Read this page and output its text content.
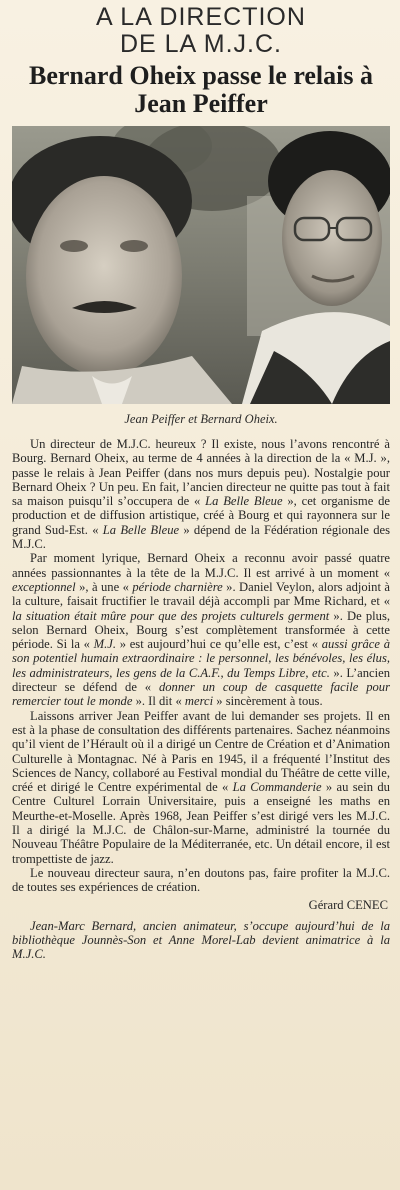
A LA DIRECTION

DE LA M.J.C.

Bernard Oheix passe le relais à Jean Peiffer

Jean Peiffer et Bernard Oheix.

Un directeur de M.J.C. heureux ? Il existe, nous l’avons rencontré à Bourg. Bernard Oheix, au terme de 4 années à la direction de la « M.J. », passe le relais à Jean Peiffer (dans nos murs depuis peu). Nostalgie pour Bernard Oheix ? Un peu. En fait, l’ancien directeur ne quitte pas tout à fait sa maison puisqu’il s’occupera de « La Belle Bleue », cet organisme de production et de diffusion artistique, créé à Bourg et qui rayonnera sur le grand Sud-Est. « La Belle Bleue » dépend de la Fédération régionale des M.J.C.

Par moment lyrique, Bernard Oheix a reconnu avoir passé quatre années passionnantes à la tête de la M.J.C. Il est arrivé à un moment « exceptionnel », à une « période charnière ». Daniel Veylon, alors adjoint à la culture, faisait fructifier le travail déjà accompli par Mme Richard, et « la situation était mûre pour que des projets culturels germent ». De plus, selon Bernard Oheix, Bourg s’est complètement transformée à cette période. Si la « M.J. » est aujourd’hui ce qu’elle est, c’est « aussi grâce à son potentiel humain extraordinaire : le personnel, les bénévoles, les élus, les administrateurs, les gens de la C.A.F., du Temps Libre, etc. ». L’ancien directeur se défend de « donner un coup de casquette facile pour remercier tout le monde ». Il dit « merci » sincèrement à tous.

Laissons arriver Jean Peiffer avant de lui demander ses projets. Il en est à la phase de consultation des différents partenaires. Sachez néanmoins qu’il vient de l’Hérault où il a dirigé un Centre de Création et d’Animation Culturelle à Montagnac. Né à Paris en 1945, il a fréquenté l’Institut des Sciences de Nancy, collaboré au Festival mondial du Théâtre de cette ville, créé et dirigé le Centre expérimental de « La Commanderie » au sein du Centre Culturel Lorrain Universitaire, puis a enseigné les maths en Meurthe-et-Moselle. Après 1968, Jean Peiffer s’est dirigé vers les M.J.C. Il a dirigé la M.J.C. de Châlon-sur-Marne, administré la tournée du Nouveau Théâtre Populaire de la Méditerranée, etc. Un détail encore, il est trompettiste de jazz.

Le nouveau directeur saura, n’en doutons pas, faire profiter la M.J.C. de toutes ses expériences de création.

Gérard CENEC

Jean-Marc Bernard, ancien animateur, s’occupe aujourd’hui de la bibliothèque Jounnès-Son et Anne Morel-Lab devient animatrice à la M.J.C.
